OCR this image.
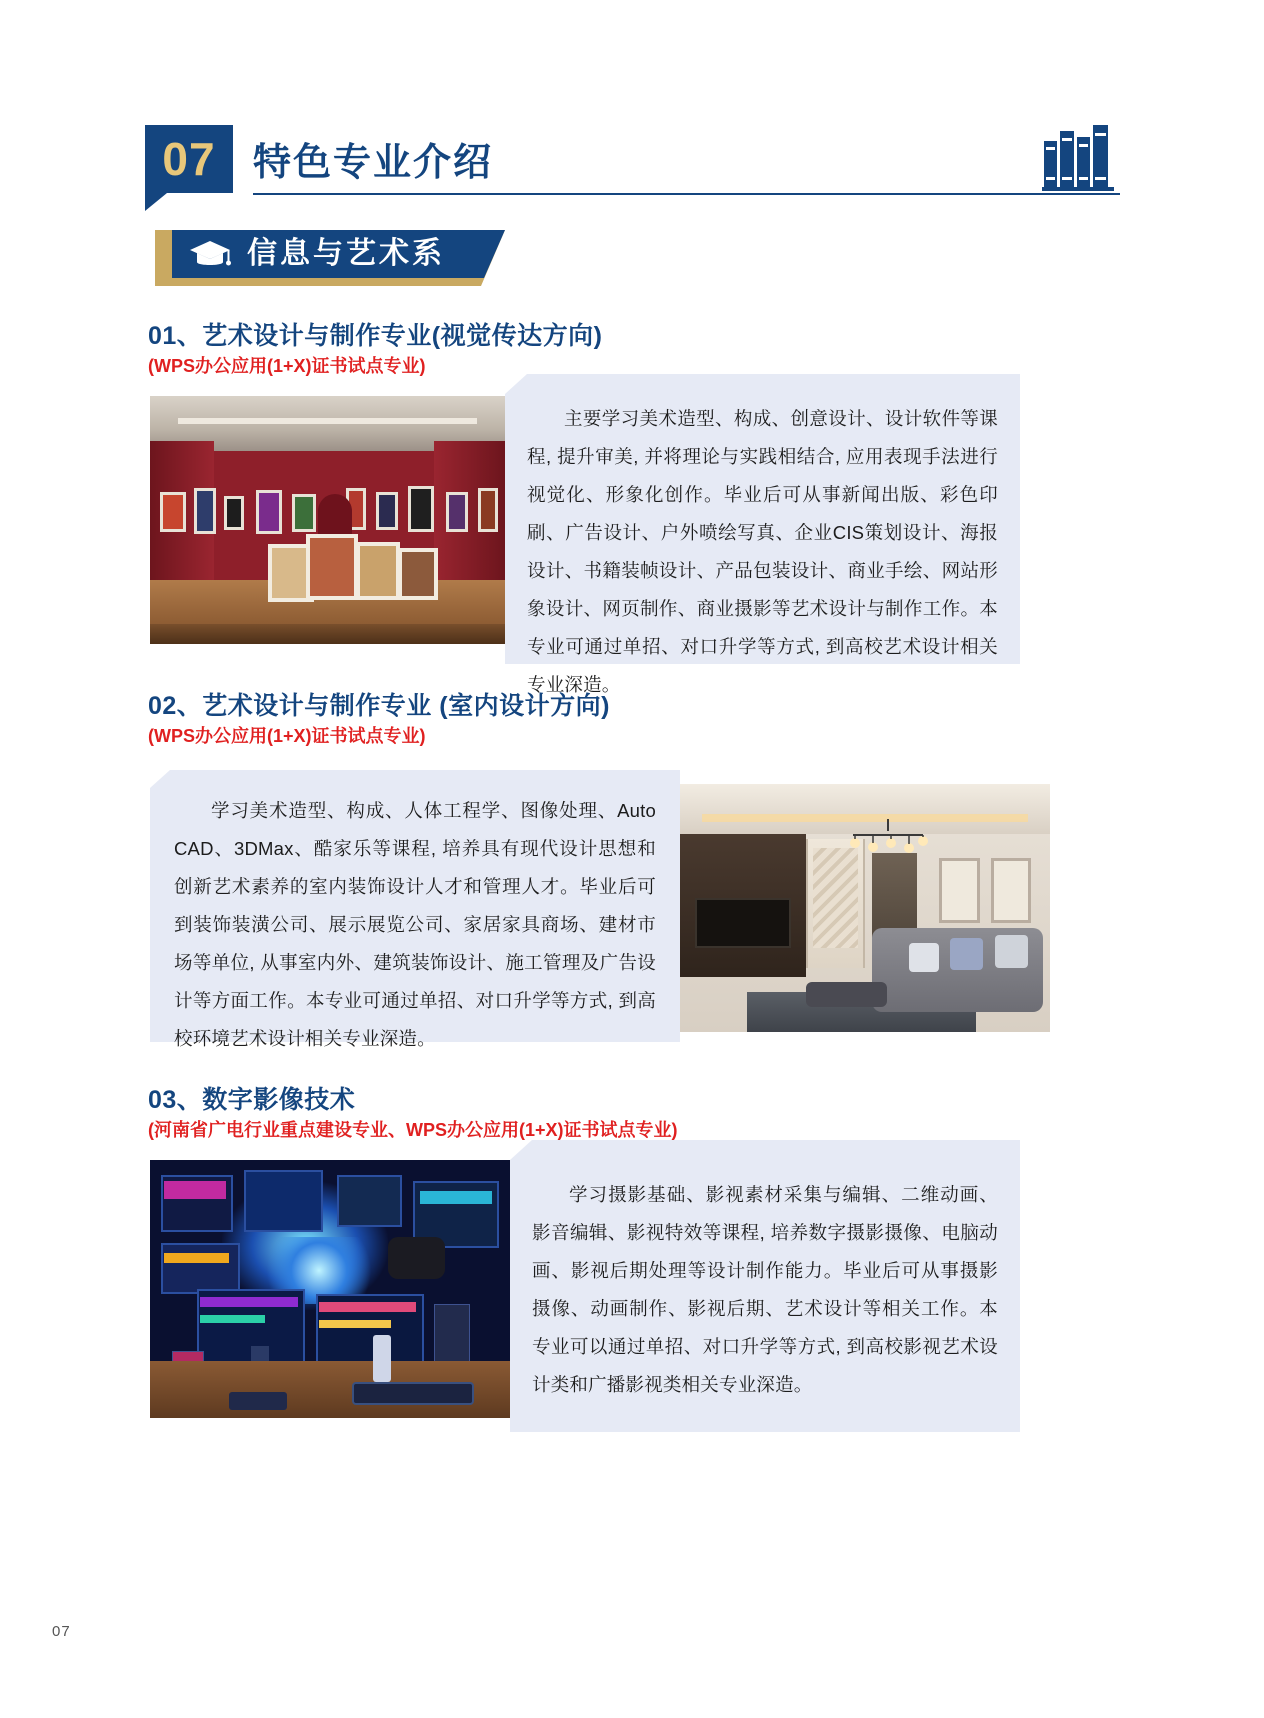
07 特色专业介绍
信息与艺术系
01、艺术设计与制作专业(视觉传达方向)
(WPS办公应用(1+X)证书试点专业)
主要学习美术造型、构成、创意设计、设计软件等课程, 提升审美, 并将理论与实践相结合, 应用表现手法进行视觉化、形象化创作。毕业后可从事新闻出版、彩色印刷、广告设计、户外喷绘写真、企业CIS策划设计、海报设计、书籍装帧设计、产品包装设计、商业手绘、网站形象设计、网页制作、商业摄影等艺术设计与制作工作。本专业可通过单招、对口升学等方式, 到高校艺术设计相关专业深造。
02、艺术设计与制作专业 (室内设计方向)
(WPS办公应用(1+X)证书试点专业)
学习美术造型、构成、人体工程学、图像处理、Auto CAD、3DMax、酷家乐等课程, 培养具有现代设计思想和创新艺术素养的室内装饰设计人才和管理人才。毕业后可到装饰装潢公司、展示展览公司、家居家具商场、建材市场等单位, 从事室内外、建筑装饰设计、施工管理及广告设计等方面工作。本专业可通过单招、对口升学等方式, 到高校环境艺术设计相关专业深造。
03、数字影像技术
(河南省广电行业重点建设专业、WPS办公应用(1+X)证书试点专业)
学习摄影基础、影视素材采集与编辑、二维动画、影音编辑、影视特效等课程, 培养数字摄影摄像、电脑动画、影视后期处理等设计制作能力。毕业后可从事摄影摄像、动画制作、影视后期、艺术设计等相关工作。本专业可以通过单招、对口升学等方式, 到高校影视艺术设计类和广播影视类相关专业深造。
07
